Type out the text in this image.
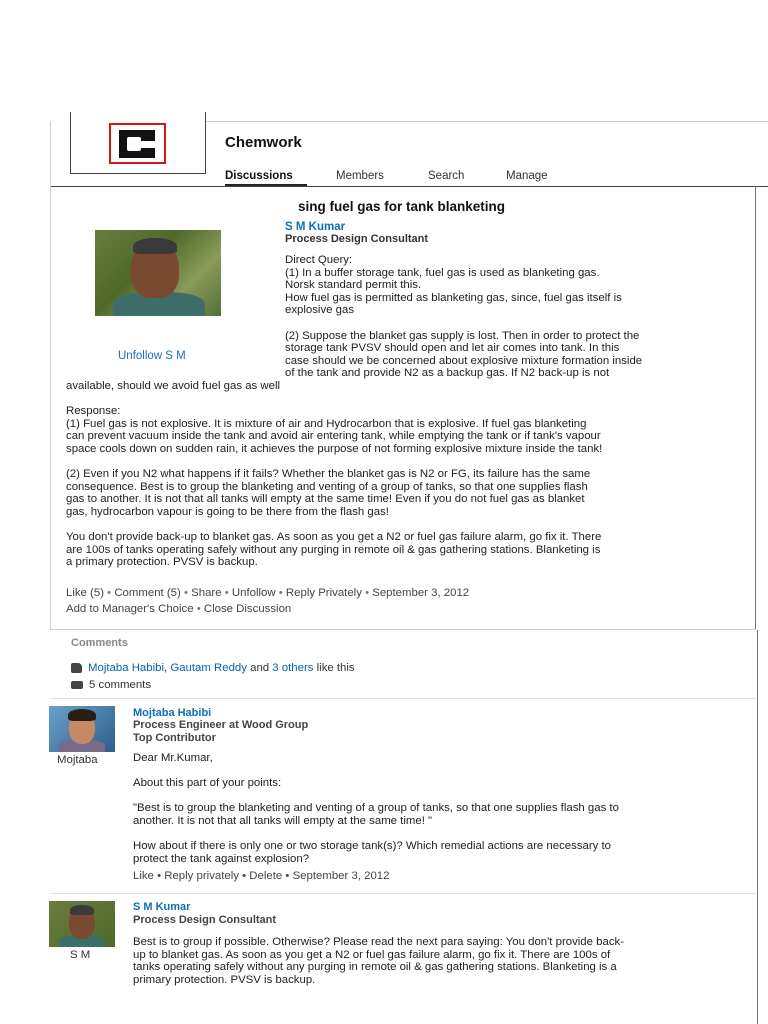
Chemwork
Discussions	Members	Search	Manage
sing fuel gas for tank blanketing
Unfollow S M
S M Kumar
Process Design Consultant
Direct Query:
(1) In a buffer storage tank, fuel gas is used as blanketing gas.
Norsk standard permit this.
How fuel gas is permitted as blanketing gas, since, fuel gas itself is
explosive gas

(2) Suppose the blanket gas supply is lost. Then in order to protect the
storage tank PVSV should open and let air comes into tank. In this
case should we be concerned about explosive mixture formation inside
of the tank and provide N2 as a backup gas. If N2 back-up is not
available, should we avoid fuel gas as well
Response:
(1) Fuel gas is not explosive. It is mixture of air and Hydrocarbon that is explosive. If fuel gas blanketing
can prevent vacuum inside the tank and avoid air entering tank, while emptying the tank or if tank's vapour
space cools down on sudden rain, it achieves the purpose of not forming explosive mixture inside the tank!

(2) Even if you N2 what happens if it fails? Whether the blanket gas is N2 or FG, its failure has the same
consequence. Best is to group the blanketing and venting of a group of tanks, so that one supplies flash
gas to another. It is not that all tanks will empty at the same time! Even if you do not fuel gas as blanket
gas, hydrocarbon vapour is going to be there from the flash gas!

You don't provide back-up to blanket gas. As soon as you get a N2 or fuel gas failure alarm, go fix it. There
are 100s of tanks operating safely without any purging in remote oil & gas gathering stations. Blanketing is
a primary protection. PVSV is backup.
Like (5) • Comment (5) • Share • Unfollow • Reply Privately • September 3, 2012
Add to Manager's Choice • Close Discussion
Comments
Mojtaba Habibi, Gautam Reddy and 3 others like this
5 comments
Mojtaba
Mojtaba Habibi
Process Engineer at Wood Group
Top Contributor
Dear Mr.Kumar,

About this part of your points:

"Best is to group the blanketing and venting of a group of tanks, so that one supplies flash gas to
another. It is not that all tanks will empty at the same time! "

How about if there is only one or two storage tank(s)? Which remedial actions are necessary to
protect the tank against explosion?
Like • Reply privately • Delete • September 3, 2012
S M
S M Kumar
Process Design Consultant
Best is to group if possible. Otherwise? Please read the next para saying: You don't provide back-
up to blanket gas. As soon as you get a N2 or fuel gas failure alarm, go fix it. There are 100s of
tanks operating safely without any purging in remote oil & gas gathering stations. Blanketing is a
primary protection. PVSV is backup.
